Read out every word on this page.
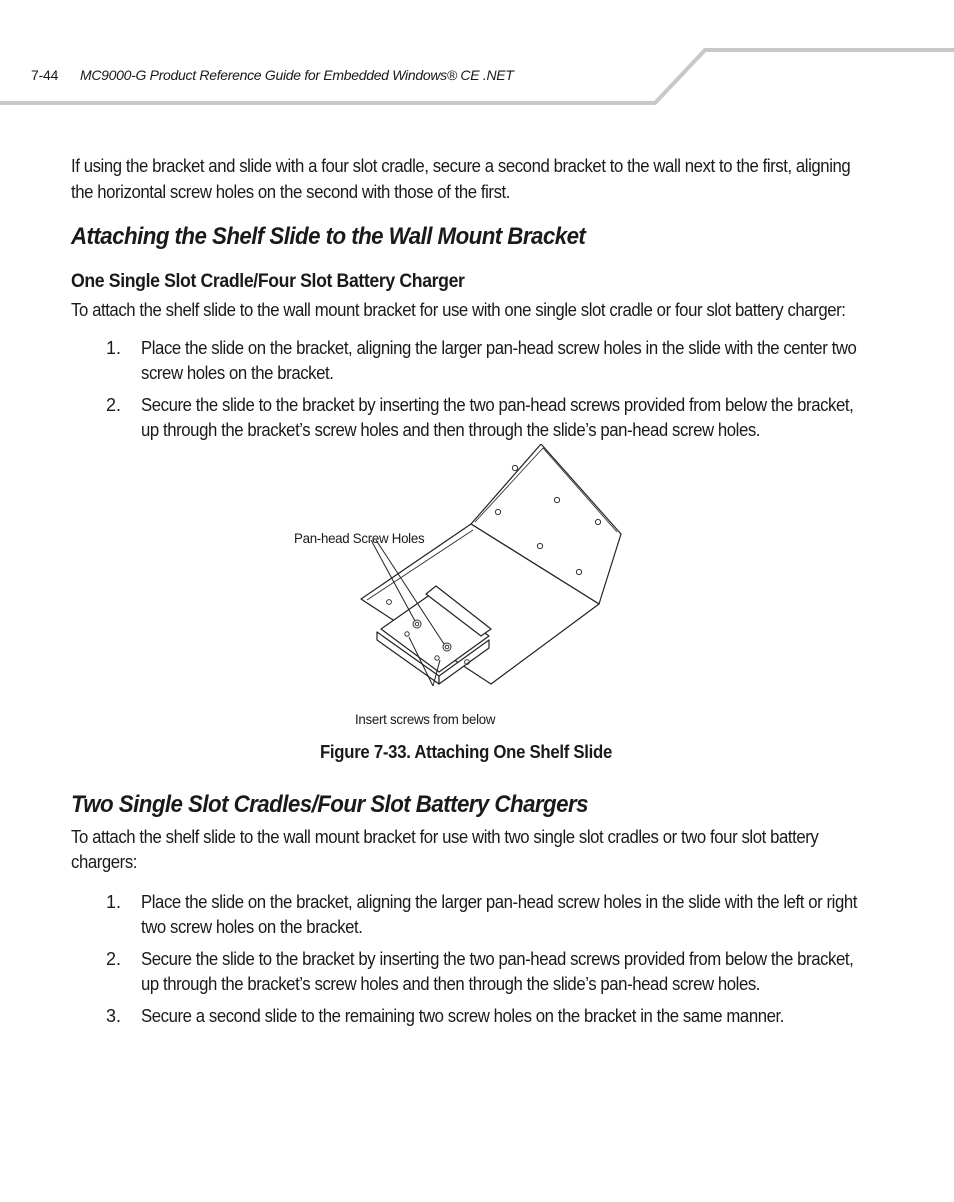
7-44 MC9000-G Product Reference Guide for Embedded Windows® CE .NET

If using the bracket and slide with a four slot cradle, secure a second bracket to the wall next to the first, aligning the horizontal screw holes on the second with those of the first.

Attaching the Shelf Slide to the Wall Mount Bracket
One Single Slot Cradle/Four Slot Battery Charger

To attach the shelf slide to the wall mount bracket for use with one single slot cradle or four slot battery charger:

1. Place the slide on the bracket, aligning the larger pan-head screw holes in the slide with the center two screw holes on the bracket.
2. Secure the slide to the bracket by inserting the two pan-head screws provided from below the bracket, up through the bracket’s screw holes and then through the slide’s pan-head screw holes.
Pan-head Screw Holes
Insert screws from below
Figure 7-33. Attaching One Shelf Slide
Two Single Slot Cradles/Four Slot Battery Chargers

To attach the shelf slide to the wall mount bracket for use with two single slot cradles or two four slot battery chargers:

1. Place the slide on the bracket, aligning the larger pan-head screw holes in the slide with the left or right two screw holes on the bracket.
2. Secure the slide to the bracket by inserting the two pan-head screws provided from below the bracket, up through the bracket’s screw holes and then through the slide’s pan-head screw holes.
3. Secure a second slide to the remaining two screw holes on the bracket in the same manner.
